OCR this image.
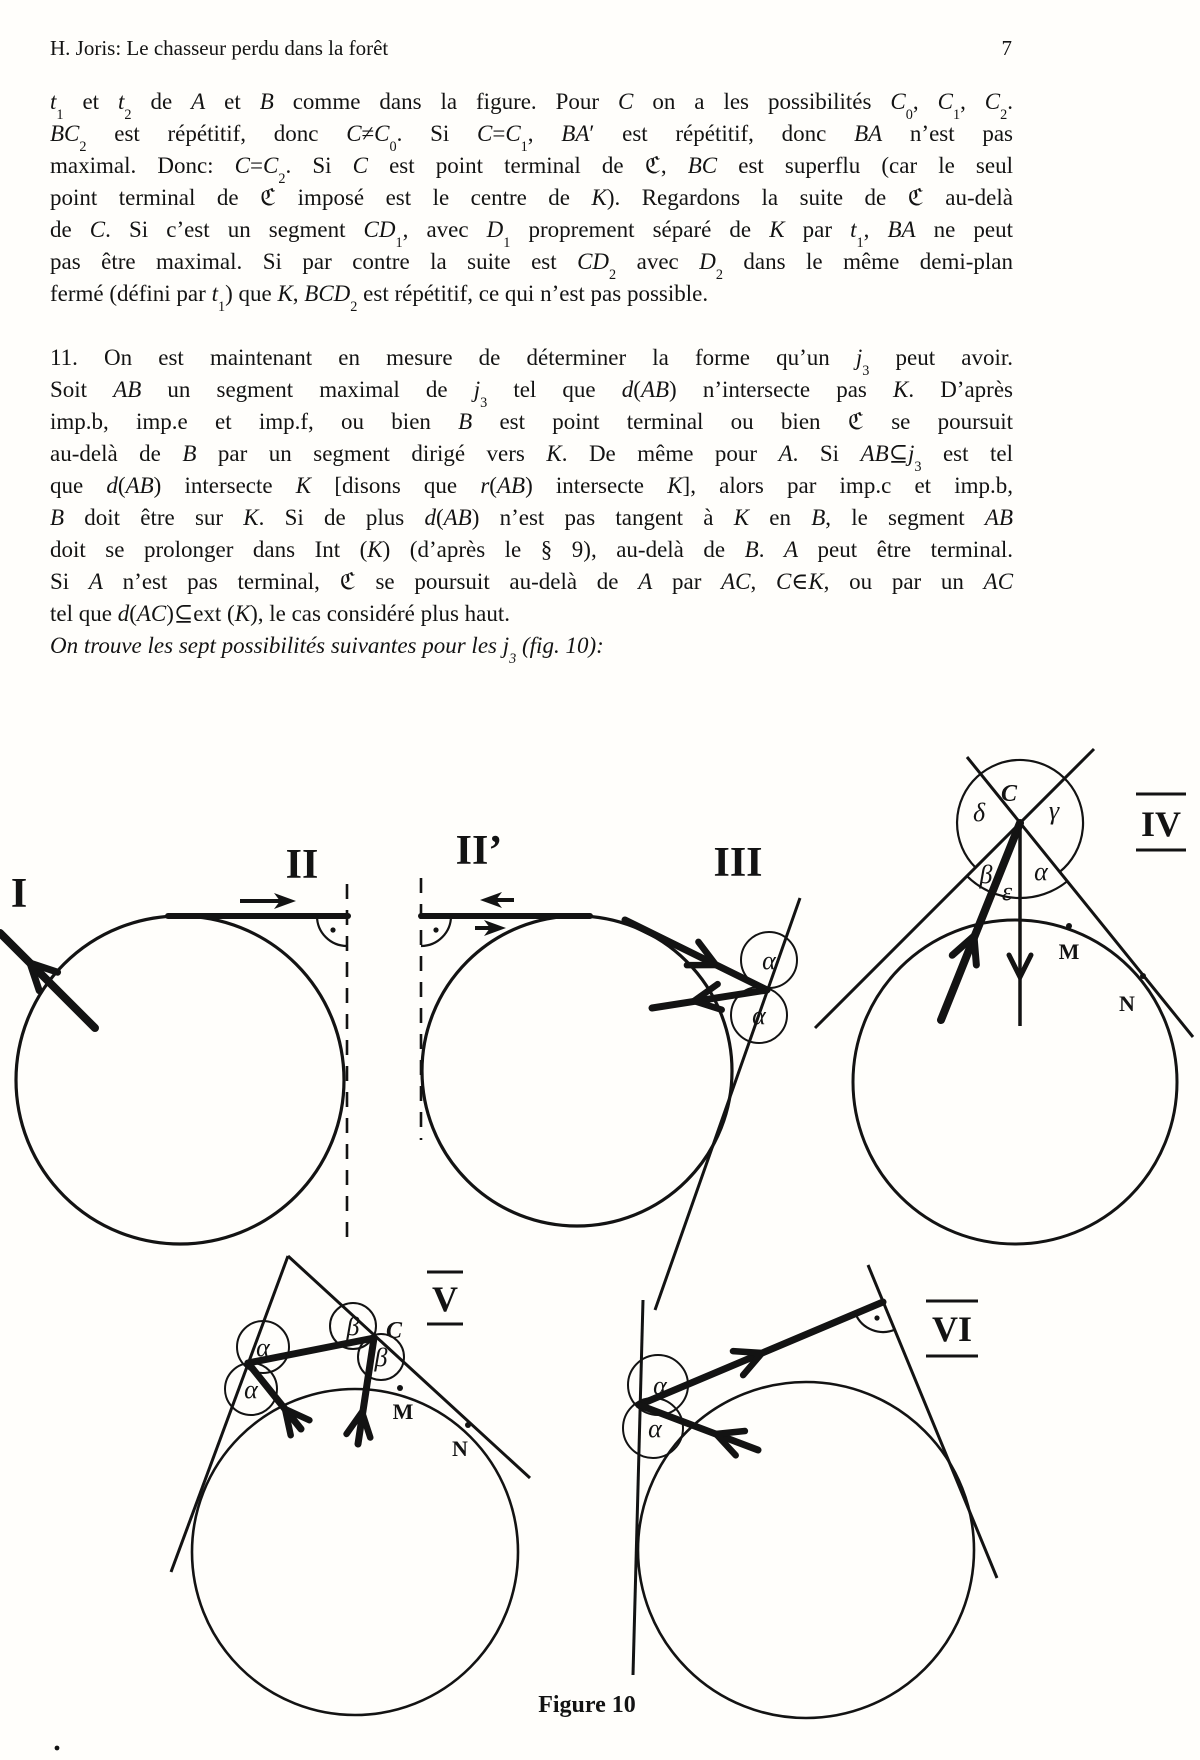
H. Joris: Le chasseur perdu dans la forêt	7
$t_1$ et $t_2$ de A et B comme dans la figure. Pour C on a les possibilités $C_0$, $C_1$, $C_2$.
$BC_2$ est répétitif, donc $C\ne C_0$. Si $C=C_1$, BA′ est répétitif, donc BA n’est pas
maximal. Donc: $C=C_2$. Si C est point terminal de ℭ, BC est superflu (car le seul
point terminal de ℭ imposé est le centre de K). Regardons la suite de ℭ au-delà
de C. Si c’est un segment $CD_1$, avec $D_1$ proprement séparé de K par $t_1$, BA ne peut
pas être maximal. Si par contre la suite est $CD_2$ avec $D_2$ dans le même demi-plan
fermé (défini par $t_1$) que K, $BCD_2$ est répétitif, ce qui n’est pas possible.
11. On est maintenant en mesure de déterminer la forme qu’un $j_3$ peut avoir.
Soit AB un segment maximal de $j_3$ tel que d(AB) n’intersecte pas K. D’après
imp.b, imp.e et imp.f, ou bien B est point terminal ou bien ℭ se poursuit
au-delà de B par un segment dirigé vers K. De même pour A. Si $AB⊆j_3$ est tel
que d(AB) intersecte K [disons que r(AB) intersecte K], alors par imp.c et imp.b,
B doit être sur K. Si de plus d(AB) n’est pas tangent à K en B, le segment AB
doit se prolonger dans Int (K) (d’après le § 9), au-delà de B. A peut être terminal.
Si A n’est pas terminal, ℭ se poursuit au-delà de A par AC, C∈K, ou par un AC
tel que d(AC)⊆ext (K), le cas considéré plus haut.
On trouve les sept possibilités suivantes pour les $j_3$ (fig. 10):
I
II	II’
α
α
III
δ γ
β
ε
α
C
M
N
IV
α
α
β
β
C
M
N
V
α
α
VI
Figure 10
